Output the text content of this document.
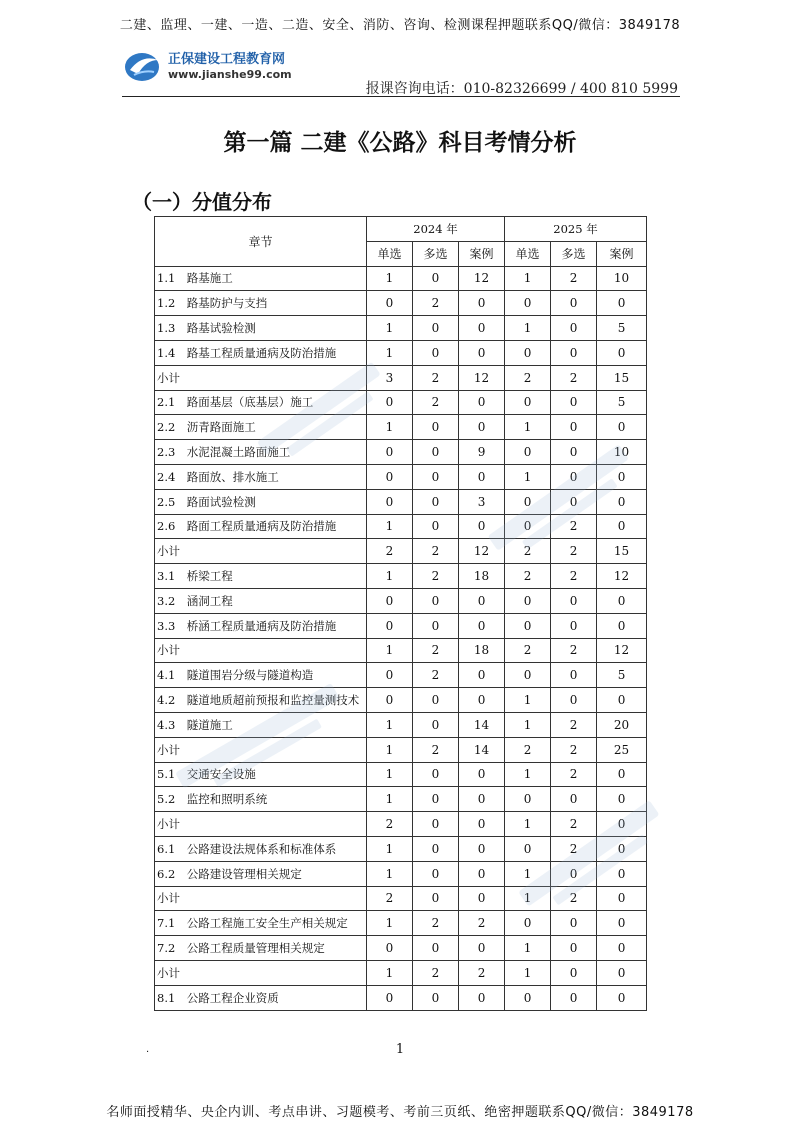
二建、监理、一建、一造、二造、安全、消防、咨询、检测课程押题联系QQ/微信：3849178
正保建设工程教育网
www.jianshe99.com
报课咨询电话：010-82326699 / 400 810 5999
第一篇 二建《公路》科目考情分析
（一）分值分布
章节	2024 年			2025 年		
	单选	多选	案例	单选	多选	案例
1.1　路基施工	1	0	12	1	2	10
1.2　路基防护与支挡	0	2	0	0	0	0
1.3　路基试验检测	1	0	0	1	0	5
1.4　路基工程质量通病及防治措施	1	0	0	0	0	0
小计	3	2	12	2	2	15
2.1　路面基层（底基层）施工	0	2	0	0	0	5
2.2　沥青路面施工	1	0	0	1	0	0
2.3　水泥混凝土路面施工	0	0	9	0	0	10
2.4　路面放、排水施工	0	0	0	1	0	0
2.5　路面试验检测	0	0	3	0	0	0
2.6　路面工程质量通病及防治措施	1	0	0	0	2	0
小计	2	2	12	2	2	15
3.1　桥梁工程	1	2	18	2	2	12
3.2　涵洞工程	0	0	0	0	0	0
3.3　桥涵工程质量通病及防治措施	0	0	0	0	0	0
小计	1	2	18	2	2	12
4.1　隧道围岩分级与隧道构造	0	2	0	0	0	5
4.2　隧道地质超前预报和监控量测技术	0	0	0	1	0	0
4.3　隧道施工	1	0	14	1	2	20
小计	1	2	14	2	2	25
5.1　交通安全设施	1	0	0	1	2	0
5.2　监控和照明系统	1	0	0	0	0	0
小计	2	0	0	1	2	0
6.1　公路建设法规体系和标准体系	1	0	0	0	2	0
6.2　公路建设管理相关规定	1	0	0	1	0	0
小计	2	0	0	1	2	0
7.1　公路工程施工安全生产相关规定	1	2	2	0	0	0
7.2　公路工程质量管理相关规定	0	0	0	1	0	0
小计	1	2	2	1	0	0
8.1　公路工程企业资质	0	0	0	0	0	0
.	1
名师面授精华、央企内训、考点串讲、习题模考、考前三页纸、绝密押题联系QQ/微信：3849178
